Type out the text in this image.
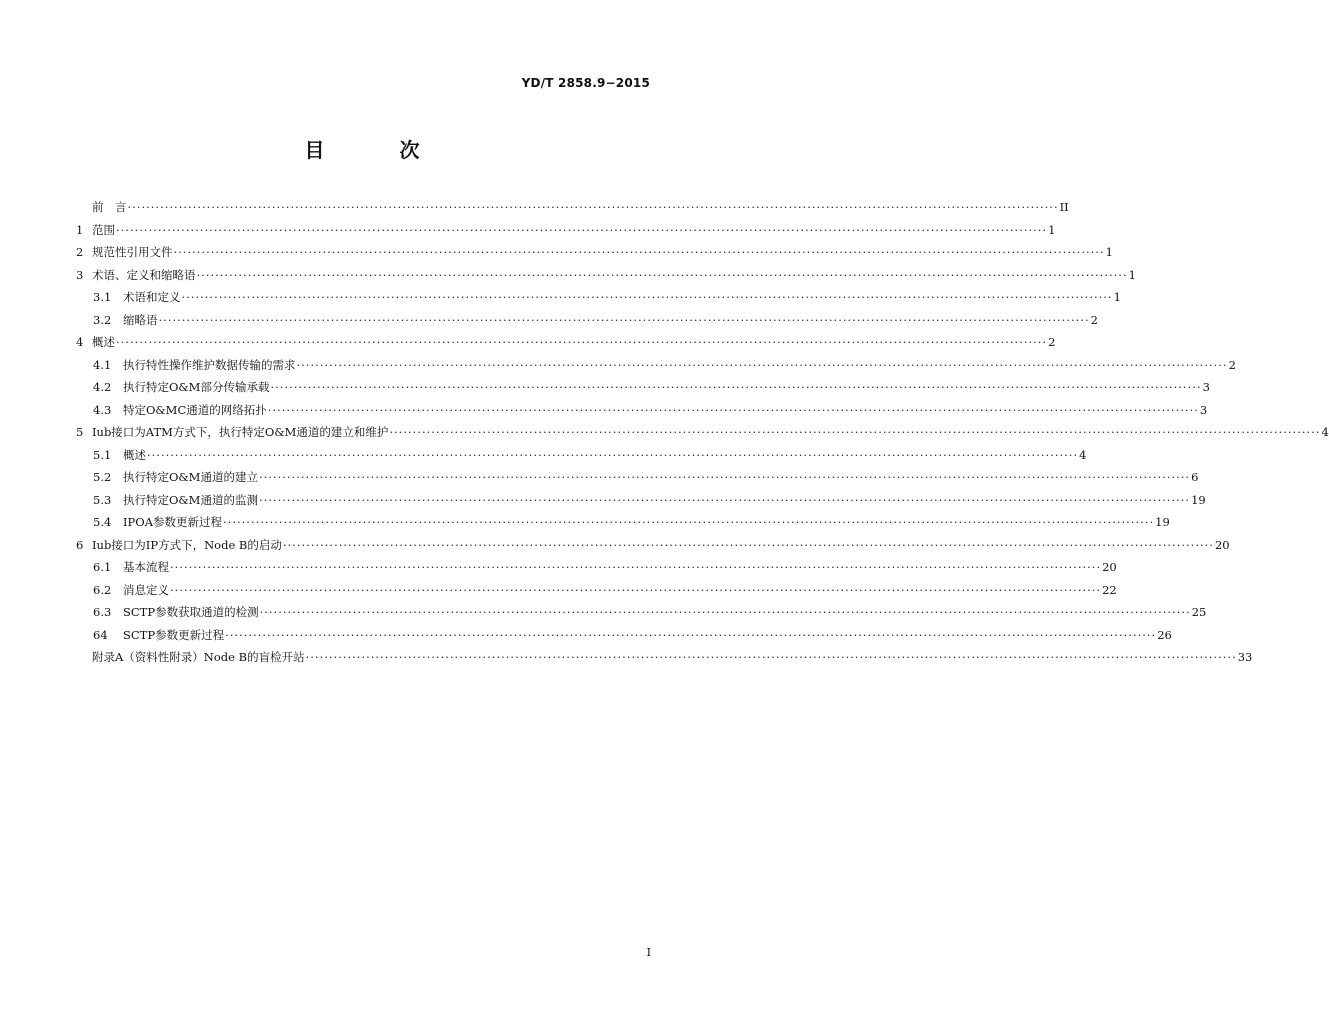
YD/T 2858.9−2015
目 次
前　言 ········································································································································································································ II
1 范围 ········································································································································································································ 1
2 规范性引用文件 ········································································································································································································ 1
3 术语、定义和缩略语 ········································································································································································································ 1
3.1	术语和定义 ········································································································································································································ 1
3.2	缩略语 ········································································································································································································ 2
4 概述 ········································································································································································································ 2
4.1	执行特性操作维护数据传输的需求 ········································································································································································································ 2
4.2	执行特定O&M部分传输承载 ········································································································································································································ 3
4.3	特定O&MC通道的网络拓扑 ········································································································································································································ 3
5 Iub接口为ATM方式下，执行特定O&M通道的建立和维护 ········································································································································································································ 4
5.1	概述 ········································································································································································································ 4
5.2	执行特定O&M通道的建立 ········································································································································································································ 6
5.3	执行特定O&M通道的监测 ········································································································································································································ 19
5.4	IPOA参数更新过程 ········································································································································································································ 19
6 Iub接口为IP方式下，Node B的启动 ········································································································································································································ 20
6.1	基本流程 ········································································································································································································ 20
6.2	消息定义 ········································································································································································································ 22
6.3	SCTP参数获取通道的检测 ········································································································································································································ 25
64	SCTP参数更新过程 ········································································································································································································ 26
附录A（资料性附录）Node B的盲检开站 ········································································································································································································ 33
I
